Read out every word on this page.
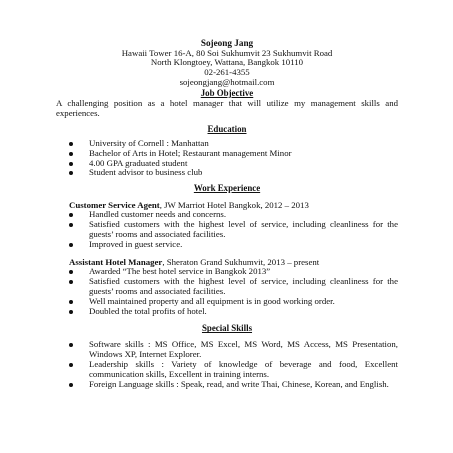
Sojeong Jang

Hawaii Tower 16-A, 80 Soi Sukhumvit 23 Sukhumvit Road

North Klongtoey, Wattana, Bangkok 10110

02-261-4355

sojeongjang@hotmail.com

Job Objective

A challenging position as a hotel manager that will utilize my management skills and experiences.

Education

University of Cornell : Manhattan
Bachelor of Arts in Hotel; Restaurant management Minor
4.00 GPA graduated student
Student advisor to business club

Work Experience

Customer Service Agent, JW Marriot Hotel Bangkok, 2012 – 2013

Handled customer needs and concerns.
Satisfied customers with the highest level of service, including cleanliness for the guests’ rooms and associated facilities.
Improved in guest service.

Assistant Hotel Manager, Sheraton Grand Sukhumvit, 2013 – present

Awarded “The best hotel service in Bangkok 2013”
Satisfied customers with the highest level of service, including cleanliness for the guests’ rooms and associated facilities.
Well maintained property and all equipment is in good working order.
Doubled the total profits of hotel.

Special Skills

Software skills : MS Office, MS Excel, MS Word, MS Access, MS Presentation, Windows XP, Internet Explorer.
Leadership skills : Variety of knowledge of beverage and food, Excellent communication skills, Excellent in training interns.
Foreign Language skills : Speak, read, and write Thai, Chinese, Korean, and English.
